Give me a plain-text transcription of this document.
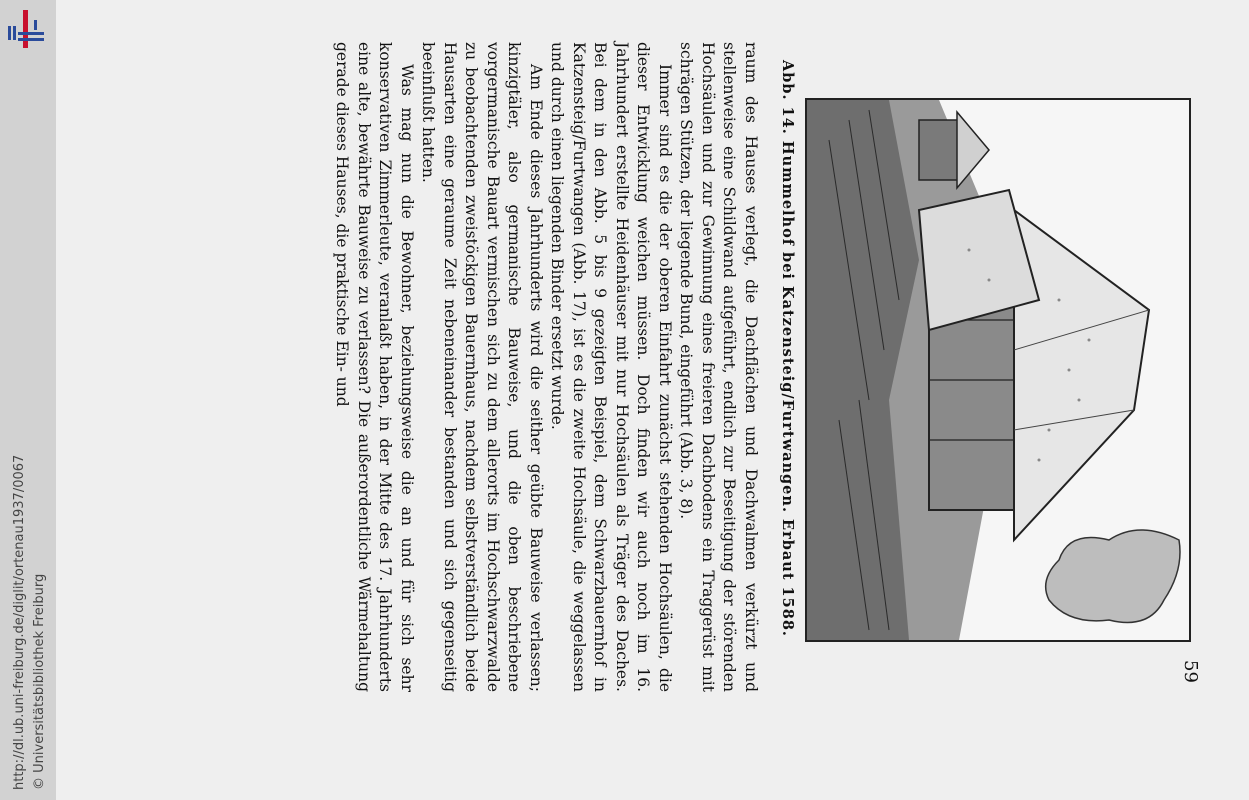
http://dl.ub.uni-freiburg.de/diglit/ortenau1937/0067 © Universitätsbibliothek Freiburg	59
Abb. 14. Hummelhof bei Katzensteig/Furtwangen. Erbaut 1588.

raum des Hauses verlegt, die Dachflächen und Dachwalmen verkürzt und stellenweise eine Schildwand aufgeführt, endlich zur Beseitigung der störenden Hochsäulen und zur Gewinnung eines freieren Dachbodens ein Traggerüst mit schrägen Stützen, der liegende Bund, eingeführt (Abb. 3, 8).

Immer sind es die der oberen Einfahrt zunächst stehenden Hochsäulen, die dieser Entwicklung weichen müssen. Doch finden wir auch noch im 16. Jahrhundert erstellte Heidenhäuser mit nur Hochsäulen als Träger des Daches. Bei dem in den Abb. 5 bis 9 gezeigten Beispiel, dem Schwarzbauernhof in Katzensteig/Furtwangen (Abb. 17), ist es die zweite Hochsäule, die weggelassen und durch einen liegenden Binder ersetzt wurde.

Am Ende dieses Jahrhunderts wird die seither geübte Bauweise verlassen; kinzigtäler, also germanische Bauweise, und die oben beschriebene vorgermanische Bauart vermischen sich zu dem allerorts im Hochschwarzwalde zu beobachtenden zweistöckigen Bauernhaus, nachdem selbstverständlich beide Hausarten eine geraume Zeit nebeneinander bestanden und sich gegenseitig beeinflußt hatten.

Was mag nun die Bewohner, beziehungsweise die an und für sich sehr konservativen Zimmerleute, veranlaßt haben, in der Mitte des 17. Jahrhunderts eine alte, bewährte Bauweise zu verlassen? Die außerordentliche Wärmehaltung gerade dieses Hauses, die praktische Ein- und
